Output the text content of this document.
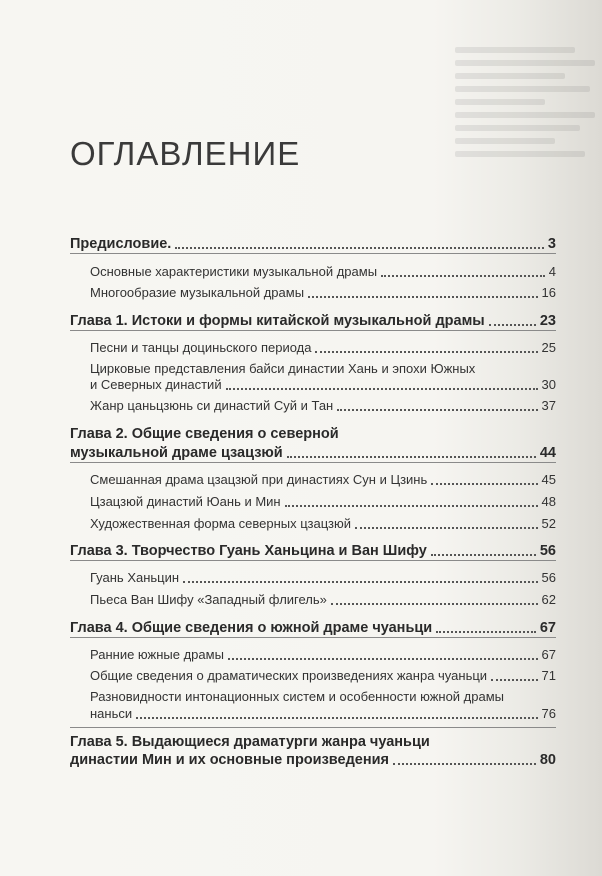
ОГЛАВЛЕНИЕ
Предисловие.	3
Основные характеристики музыкальной драмы	4
Многообразие музыкальной драмы	16
Глава 1. Истоки и формы китайской музыкальной драмы	23
Песни и танцы доциньского периода	25
Цирковые представления байси династии Хань и эпохи Южных
и Северных династий	30
Жанр цаньцзюнь си династий Суй и Тан	37
Глава 2. Общие сведения о северной
музыкальной драме цзацзюй	44
Смешанная драма цзацзюй при династиях Сун и Цзинь	45
Цзацзюй династий Юань и Мин	48
Художественная форма северных цзацзюй	52
Глава 3. Творчество Гуань Ханьцина и Ван Шифу	56
Гуань Ханьцин	56
Пьеса Ван Шифу «Западный флигель»	62
Глава 4. Общие сведения о южной драме чуаньци	67
Ранние южные драмы	67
Общие сведения о драматических произведениях жанра чуаньци	71
Разновидности интонационных систем и особенности южной драмы
наньси	76
Глава 5. Выдающиеся драматурги жанра чуаньци
династии Мин и их основные произведения	80
